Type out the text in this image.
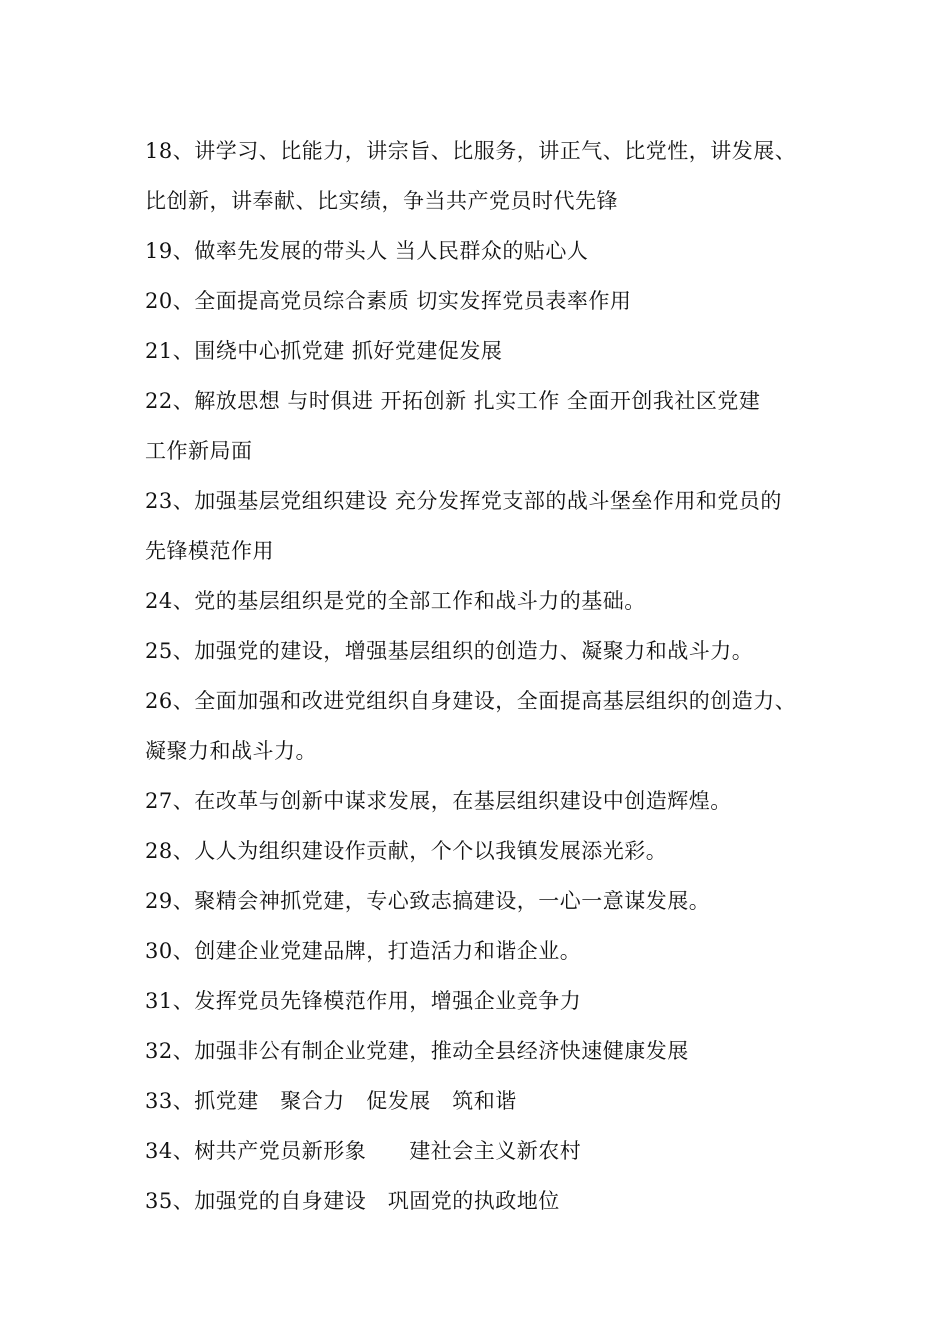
18、讲学习、比能力，讲宗旨、比服务，讲正气、比党性，讲发展、
比创新，讲奉献、比实绩，争当共产党员时代先锋
19、做率先发展的带头人 当人民群众的贴心人
20、全面提高党员综合素质 切实发挥党员表率作用
21、围绕中心抓党建 抓好党建促发展
22、解放思想 与时俱进 开拓创新 扎实工作 全面开创我社区党建
工作新局面
23、加强基层党组织建设 充分发挥党支部的战斗堡垒作用和党员的
先锋模范作用
24、党的基层组织是党的全部工作和战斗力的基础。
25、加强党的建设，增强基层组织的创造力、凝聚力和战斗力。
26、全面加强和改进党组织自身建设，全面提高基层组织的创造力、
凝聚力和战斗力。
27、在改革与创新中谋求发展，在基层组织建设中创造辉煌。
28、人人为组织建设作贡献，个个以我镇发展添光彩。
29、聚精会神抓党建，专心致志搞建设，一心一意谋发展。
30、创建企业党建品牌，打造活力和谐企业。
31、发挥党员先锋模范作用，增强企业竞争力
32、加强非公有制企业党建，推动全县经济快速健康发展
33、抓党建　聚合力　促发展　筑和谐
34、树共产党员新形象　　建社会主义新农村
35、加强党的自身建设　巩固党的执政地位
